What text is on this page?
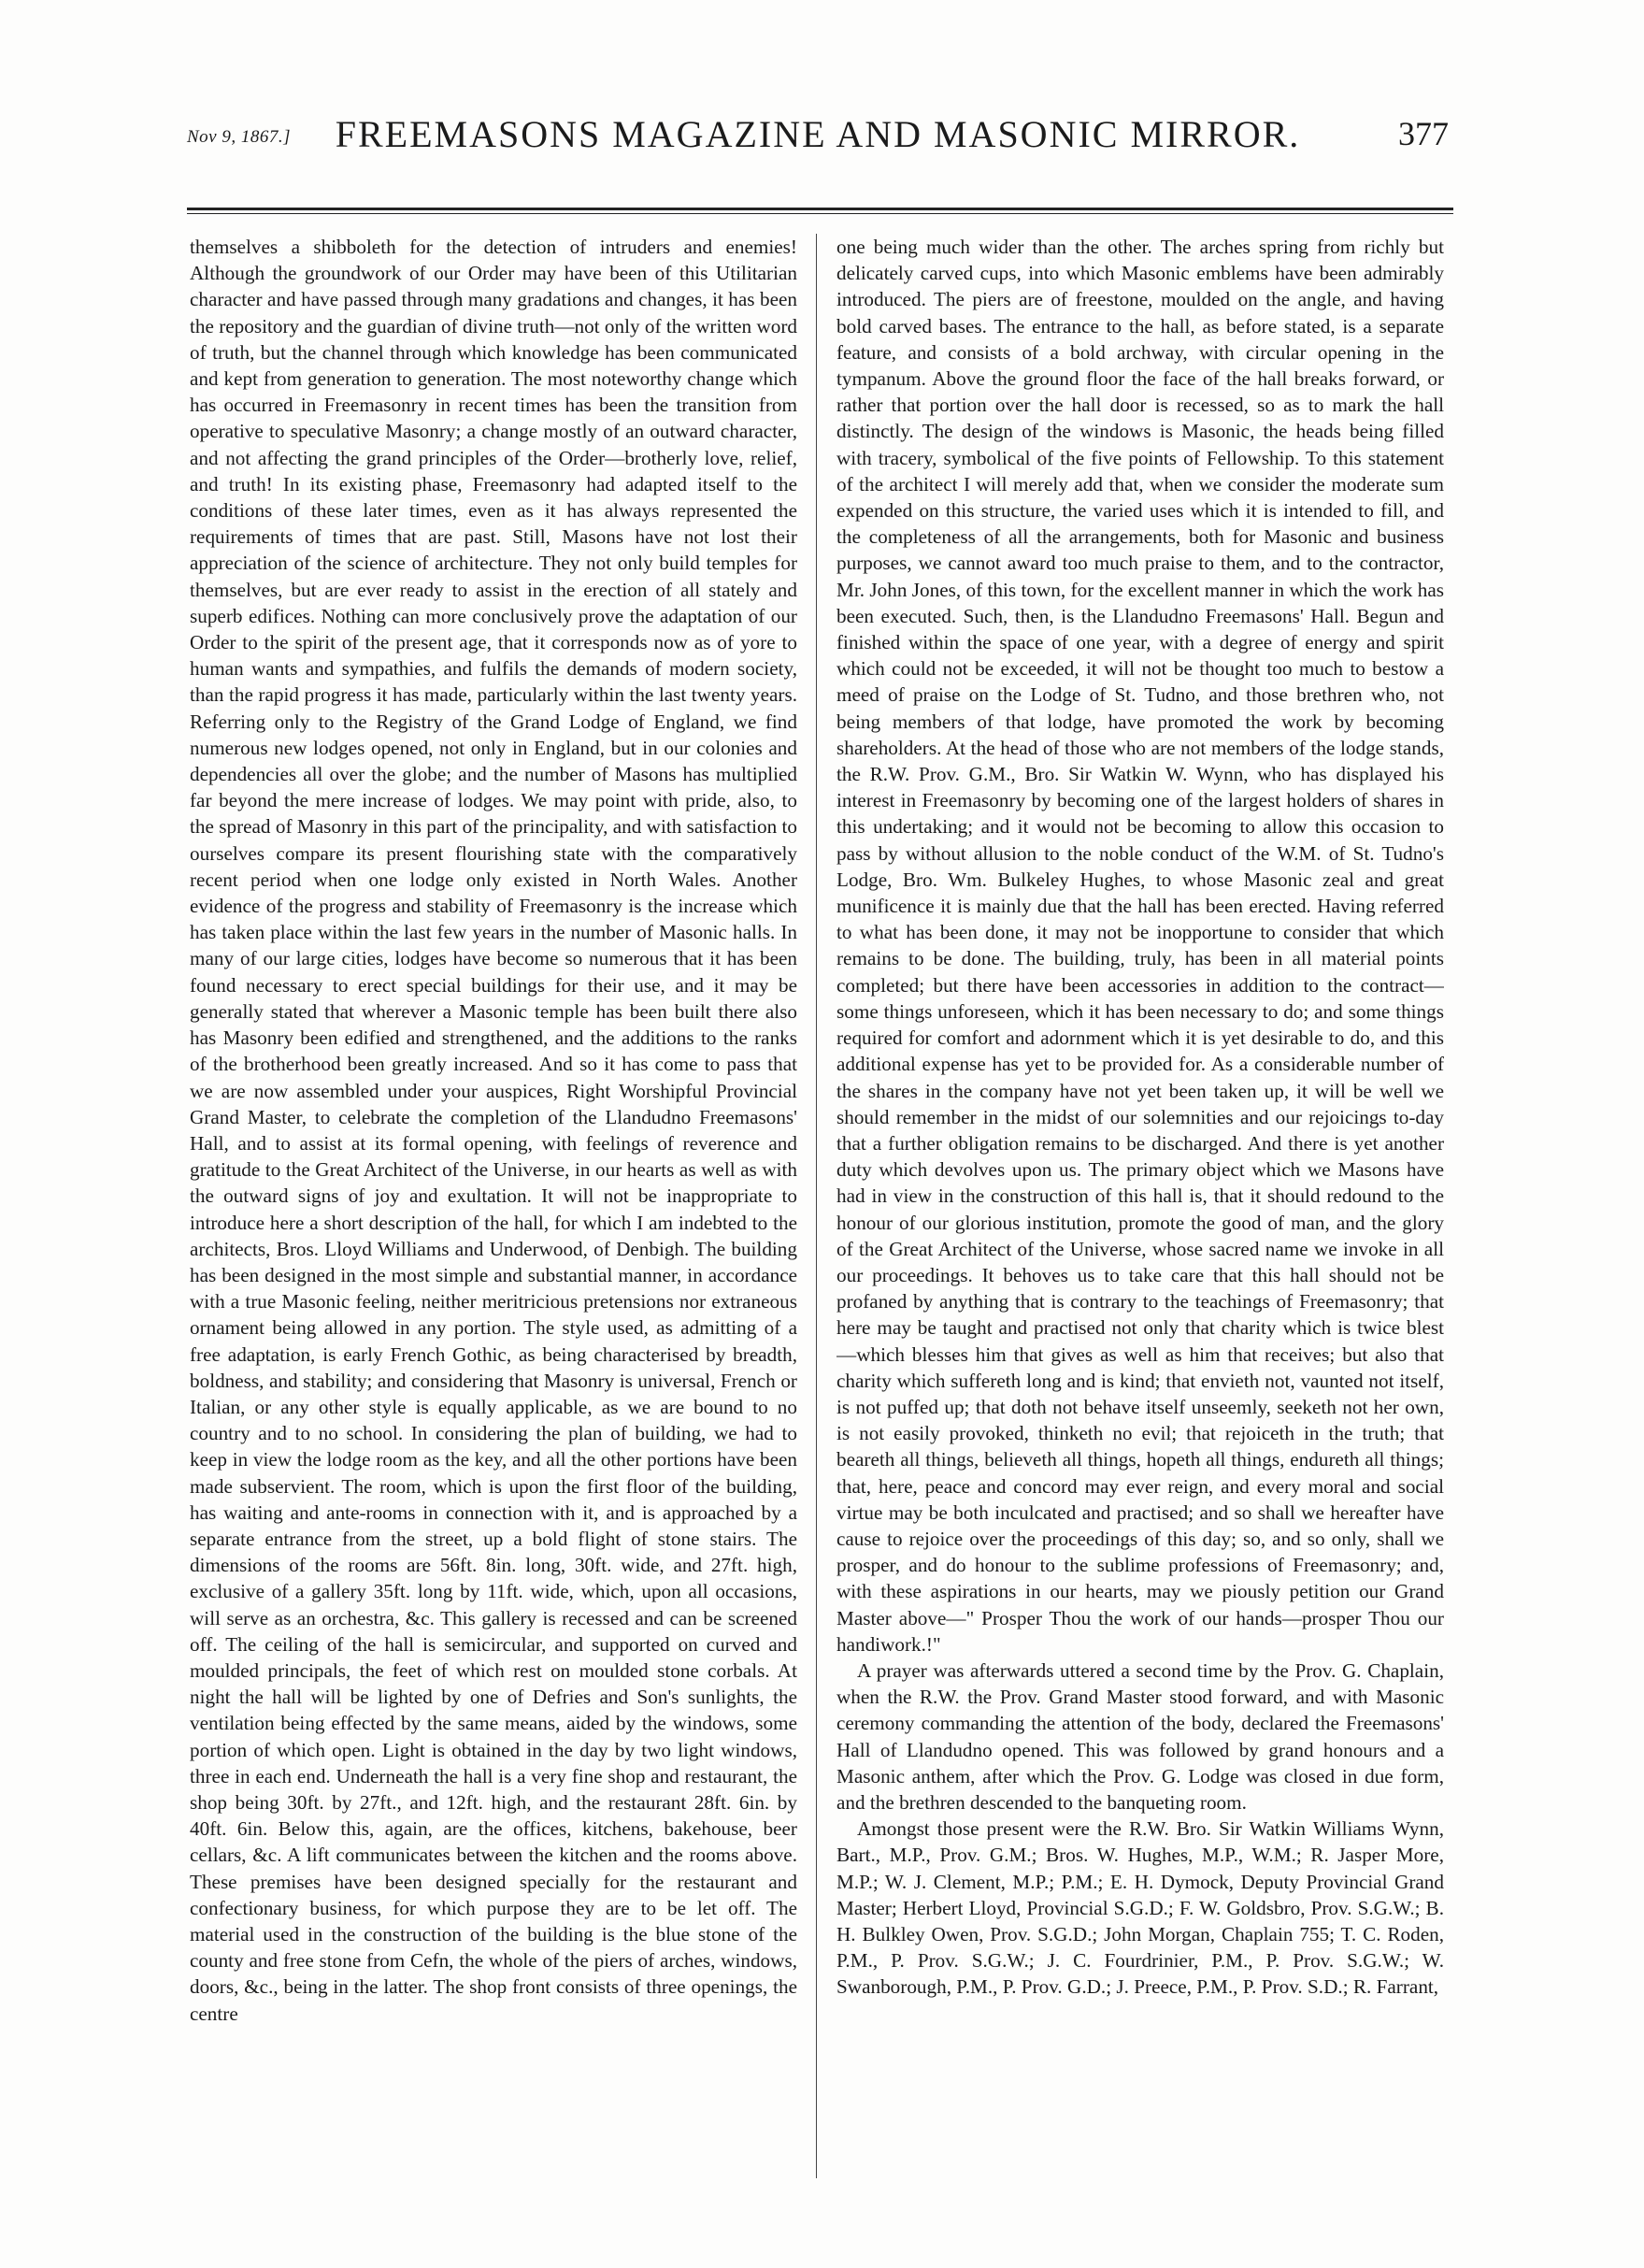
Nov 9, 1867.]	FREEMASONS MAGAZINE AND MASONIC MIRROR.	377

themselves a shibboleth for the detection of intruders and enemies! Although the groundwork of our Order may have been of this Utilitarian character and have passed through many gradations and changes, it has been the repository and the guardian of divine truth—not only of the written word of truth, but the channel through which knowledge has been communicated and kept from generation to generation. The most noteworthy change which has occurred in Freemasonry in recent times has been the transition from operative to speculative Masonry; a change mostly of an outward character, and not affecting the grand principles of the Order—brotherly love, relief, and truth! In its existing phase, Freemasonry had adapted itself to the conditions of these later times, even as it has always represented the requirements of times that are past. Still, Masons have not lost their appreciation of the science of architecture. They not only build temples for themselves, but are ever ready to assist in the erection of all stately and superb edifices. Nothing can more conclusively prove the adaptation of our Order to the spirit of the present age, that it corresponds now as of yore to human wants and sympathies, and fulfils the demands of modern society, than the rapid progress it has made, particularly within the last twenty years. Referring only to the Registry of the Grand Lodge of England, we find numerous new lodges opened, not only in England, but in our colonies and dependencies all over the globe; and the number of Masons has multiplied far beyond the mere increase of lodges. We may point with pride, also, to the spread of Masonry in this part of the principality, and with satisfaction to ourselves compare its present flourishing state with the comparatively recent period when one lodge only existed in North Wales. Another evidence of the progress and stability of Freemasonry is the increase which has taken place within the last few years in the number of Masonic halls. In many of our large cities, lodges have become so numerous that it has been found necessary to erect special buildings for their use, and it may be generally stated that wherever a Masonic temple has been built there also has Masonry been edified and strengthened, and the additions to the ranks of the brotherhood been greatly increased. And so it has come to pass that we are now assembled under your auspices, Right Worshipful Provincial Grand Master, to celebrate the completion of the Llandudno Freemasons' Hall, and to assist at its formal opening, with feelings of reverence and gratitude to the Great Architect of the Universe, in our hearts as well as with the outward signs of joy and exultation. It will not be inappropriate to introduce here a short description of the hall, for which I am indebted to the architects, Bros. Lloyd Williams and Underwood, of Denbigh. The building has been designed in the most simple and substantial manner, in accordance with a true Masonic feeling, neither meritricious pretensions nor extraneous ornament being allowed in any portion. The style used, as admitting of a free adaptation, is early French Gothic, as being characterised by breadth, boldness, and stability; and considering that Masonry is universal, French or Italian, or any other style is equally applicable, as we are bound to no country and to no school. In considering the plan of building, we had to keep in view the lodge room as the key, and all the other portions have been made subservient. The room, which is upon the first floor of the building, has waiting and ante-rooms in connection with it, and is approached by a separate entrance from the street, up a bold flight of stone stairs. The dimensions of the rooms are 56ft. 8in. long, 30ft. wide, and 27ft. high, exclusive of a gallery 35ft. long by 11ft. wide, which, upon all occasions, will serve as an orchestra, &c. This gallery is recessed and can be screened off. The ceiling of the hall is semicircular, and supported on curved and moulded principals, the feet of which rest on moulded stone corbals. At night the hall will be lighted by one of Defries and Son's sunlights, the ventilation being effected by the same means, aided by the windows, some portion of which open. Light is obtained in the day by two light windows, three in each end. Underneath the hall is a very fine shop and restaurant, the shop being 30ft. by 27ft., and 12ft. high, and the restaurant 28ft. 6in. by 40ft. 6in. Below this, again, are the offices, kitchens, bakehouse, beer cellars, &c. A lift communicates between the kitchen and the rooms above. These premises have been designed specially for the restaurant and confectionary business, for which purpose they are to be let off. The material used in the construction of the building is the blue stone of the county and free stone from Cefn, the whole of the piers of arches, windows, doors, &c., being in the latter. The shop front consists of three openings, the centre

one being much wider than the other. The arches spring from richly but delicately carved cups, into which Masonic emblems have been admirably introduced. The piers are of freestone, moulded on the angle, and having bold carved bases. The entrance to the hall, as before stated, is a separate feature, and consists of a bold archway, with circular opening in the tympanum. Above the ground floor the face of the hall breaks forward, or rather that portion over the hall door is recessed, so as to mark the hall distinctly. The design of the windows is Masonic, the heads being filled with tracery, symbolical of the five points of Fellowship. To this statement of the architect I will merely add that, when we consider the moderate sum expended on this structure, the varied uses which it is intended to fill, and the completeness of all the arrangements, both for Masonic and business purposes, we cannot award too much praise to them, and to the contractor, Mr. John Jones, of this town, for the excellent manner in which the work has been executed. Such, then, is the Llandudno Freemasons' Hall. Begun and finished within the space of one year, with a degree of energy and spirit which could not be exceeded, it will not be thought too much to bestow a meed of praise on the Lodge of St. Tudno, and those brethren who, not being members of that lodge, have promoted the work by becoming shareholders. At the head of those who are not members of the lodge stands, the R.W. Prov. G.M., Bro. Sir Watkin W. Wynn, who has displayed his interest in Freemasonry by becoming one of the largest holders of shares in this undertaking; and it would not be becoming to allow this occasion to pass by without allusion to the noble conduct of the W.M. of St. Tudno's Lodge, Bro. Wm. Bulkeley Hughes, to whose Masonic zeal and great munificence it is mainly due that the hall has been erected. Having referred to what has been done, it may not be inopportune to consider that which remains to be done. The building, truly, has been in all material points completed; but there have been accessories in addition to the contract—some things unforeseen, which it has been necessary to do; and some things required for comfort and adornment which it is yet desirable to do, and this additional expense has yet to be provided for. As a considerable number of the shares in the company have not yet been taken up, it will be well we should remember in the midst of our solemnities and our rejoicings to-day that a further obligation remains to be discharged. And there is yet another duty which devolves upon us. The primary object which we Masons have had in view in the construction of this hall is, that it should redound to the honour of our glorious institution, promote the good of man, and the glory of the Great Architect of the Universe, whose sacred name we invoke in all our proceedings. It behoves us to take care that this hall should not be profaned by anything that is contrary to the teachings of Freemasonry; that here may be taught and practised not only that charity which is twice blest—which blesses him that gives as well as him that receives; but also that charity which suffereth long and is kind; that envieth not, vaunted not itself, is not puffed up; that doth not behave itself unseemly, seeketh not her own, is not easily provoked, thinketh no evil; that rejoiceth in the truth; that beareth all things, believeth all things, hopeth all things, endureth all things; that, here, peace and concord may ever reign, and every moral and social virtue may be both inculcated and practised; and so shall we hereafter have cause to rejoice over the proceedings of this day; so, and so only, shall we prosper, and do honour to the sublime professions of Freemasonry; and, with these aspirations in our hearts, may we piously petition our Grand Master above—" Prosper Thou the work of our hands—prosper Thou our handiwork.!"

A prayer was afterwards uttered a second time by the Prov. G. Chaplain, when the R.W. the Prov. Grand Master stood forward, and with Masonic ceremony commanding the attention of the body, declared the Freemasons' Hall of Llandudno opened. This was followed by grand honours and a Masonic anthem, after which the Prov. G. Lodge was closed in due form, and the brethren descended to the banqueting room.

Amongst those present were the R.W. Bro. Sir Watkin Williams Wynn, Bart., M.P., Prov. G.M.; Bros. W. Hughes, M.P., W.M.; R. Jasper More, M.P.; W. J. Clement, M.P.; P.M.; E. H. Dymock, Deputy Provincial Grand Master; Herbert Lloyd, Provincial S.G.D.; F. W. Goldsbro, Prov. S.G.W.; B. H. Bulkley Owen, Prov. S.G.D.; John Morgan, Chaplain 755; T. C. Roden, P.M., P. Prov. S.G.W.; J. C. Fourdrinier, P.M., P. Prov. S.G.W.; W. Swanborough, P.M., P. Prov. G.D.; J. Preece, P.M., P. Prov. S.D.; R. Farrant,
